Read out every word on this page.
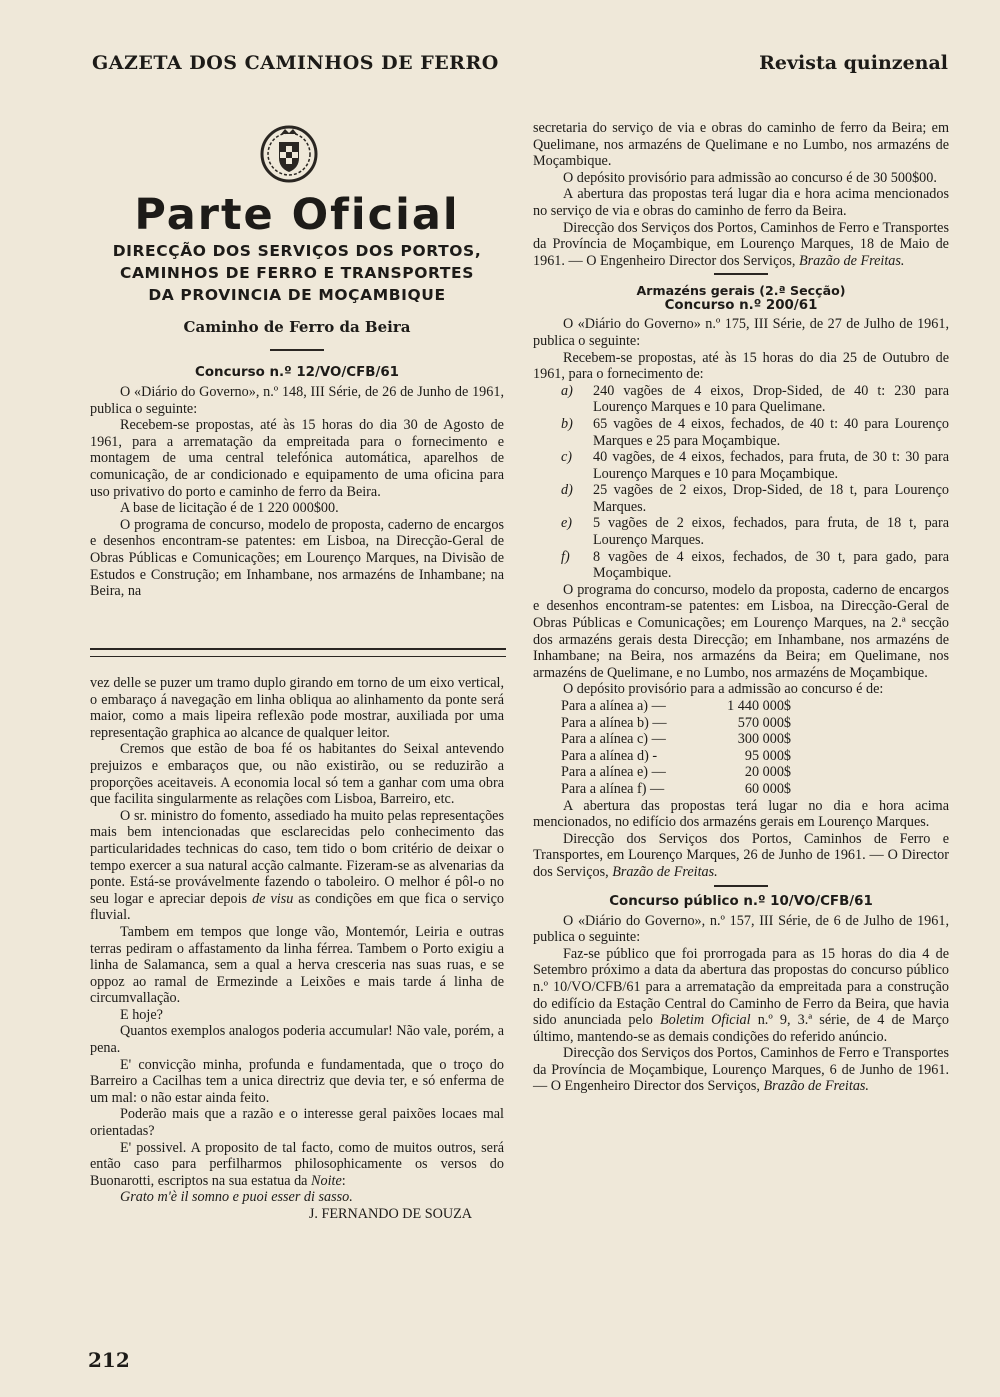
GAZETA DOS CAMINHOS DE FERRO	Revista quinzenal
Parte Oficial
DIRECÇÃO DOS SERVIÇOS DOS PORTOS,
CAMINHOS DE FERRO E TRANSPORTES
DA PROVINCIA DE MOÇAMBIQUE
Caminho de Ferro da Beira
Concurso n.º 12/VO/CFB/61

O «Diário do Governo», n.º 148, III Série, de 26 de Junho de 1961, publica o seguinte:

Recebem-se propostas, até às 15 horas do dia 30 de Agosto de 1961, para a arrematação da empreitada para o fornecimento e montagem de uma central telefónica automática, aparelhos de comunicação, de ar condicionado e equipamento de uma oficina para uso privativo do porto e caminho de ferro da Beira.

A base de licitação é de 1 220 000$00.

O programa de concurso, modelo de proposta, caderno de encargos e desenhos encontram-se patentes: em Lisboa, na Direcção-Geral de Obras Públicas e Comunicações; em Lourenço Marques, na Divisão de Estudos e Construção; em Inhambane, nos armazéns de Inhambane; na Beira, na

vez delle se puzer um tramo duplo girando em torno de um eixo vertical, o embaraço á navegação em linha obliqua ao alinhamento da ponte será maior, como a mais lipeira reflexão pode mostrar, auxiliada por uma representação graphica ao alcance de qualquer leitor.

Cremos que estão de boa fé os habitantes do Seixal antevendo prejuizos e embaraços que, ou não existirão, ou se reduzirão a proporções aceitaveis. A economia local só tem a ganhar com uma obra que facilita singularmente as relações com Lisboa, Barreiro, etc.

O sr. ministro do fomento, assediado ha muito pelas representações mais bem intencionadas que esclarecidas pelo conhecimento das particularidades technicas do caso, tem tido o bom critério de deixar o tempo exercer a sua natural acção calmante. Fizeram-se as alvenarias da ponte. Está-se provávelmente fazendo o taboleiro. O melhor é pôl-o no seu logar e apreciar depois de visu as condições em que fica o serviço fluvial.

Tambem em tempos que longe vão, Montemór, Leiria e outras terras pediram o affastamento da linha férrea. Tambem o Porto exigiu a linha de Salamanca, sem a qual a herva cresceria nas suas ruas, e se oppoz ao ramal de Ermezinde a Leixões e mais tarde á linha de circumvallação.

E hoje?

Quantos exemplos analogos poderia accumular! Não vale, porém, a pena.

E' convicção minha, profunda e fundamentada, que o troço do Barreiro a Cacilhas tem a unica directriz que devia ter, e só enferma de um mal: o não estar ainda feito.

Poderão mais que a razão e o interesse geral paixões locaes mal orientadas?

E' possivel. A proposito de tal facto, como de muitos outros, será então caso para perfilharmos philosophicamente os versos do Buonarotti, escriptos na sua estatua da Noite:

Grato m'è il somno e puoi esser di sasso.

J. FERNANDO DE SOUZA

secretaria do serviço de via e obras do caminho de ferro da Beira; em Quelimane, nos armazéns de Quelimane e no Lumbo, nos armazéns de Moçambique.

O depósito provisório para admissão ao concurso é de 30 500$00.

A abertura das propostas terá lugar dia e hora acima mencionados no serviço de via e obras do caminho de ferro da Beira.

Direcção dos Serviços dos Portos, Caminhos de Ferro e Transportes da Província de Moçambique, em Lourenço Marques, 18 de Maio de 1961. — O Engenheiro Director dos Serviços, Brazão de Freitas.

Armazéns gerais (2.ª Secção)
Concurso n.º 200/61

O «Diário do Governo» n.º 175, III Série, de 27 de Julho de 1961, publica o seguinte:

Recebem-se propostas, até às 15 horas do dia 25 de Outubro de 1961, para o fornecimento de:

a) 240 vagões de 4 eixos, Drop-Sided, de 40 t: 230 para Lourenço Marques e 10 para Quelimane.

b) 65 vagões de 4 eixos, fechados, de 40 t: 40 para Lourenço Marques e 25 para Moçambique.

c) 40 vagões, de 4 eixos, fechados, para fruta, de 30 t: 30 para Lourenço Marques e 10 para Moçambique.

d) 25 vagões de 2 eixos, Drop-Sided, de 18 t, para Lourenço Marques.

e) 5 vagões de 2 eixos, fechados, para fruta, de 18 t, para Lourenço Marques.

f) 8 vagões de 4 eixos, fechados, de 30 t, para gado, para Moçambique.

O programa do concurso, modelo da proposta, caderno de encargos e desenhos encontram-se patentes: em Lisboa, na Direcção-Geral de Obras Públicas e Comunicações; em Lourenço Marques, na 2.ª secção dos armazéns gerais desta Direcção; em Inhambane, nos armazéns de Inhambane; na Beira, nos armazéns da Beira; em Quelimane, nos armazéns de Quelimane, e no Lumbo, nos armazéns de Moçambique.

O depósito provisório para a admissão ao concurso é de:

Para a alínea a) —	1 440 000$
Para a alínea b) —	570 000$
Para a alínea c) —	300 000$
Para a alínea d) -	95 000$
Para a alínea e) —	20 000$
Para a alínea f) —	60 000$

A abertura das propostas terá lugar no dia e hora acima mencionados, no edifício dos armazéns gerais em Lourenço Marques.

Direcção dos Serviços dos Portos, Caminhos de Ferro e Transportes, em Lourenço Marques, 26 de Junho de 1961. — O Director dos Serviços, Brazão de Freitas.

Concurso público n.º 10/VO/CFB/61

O «Diário do Governo», n.º 157, III Série, de 6 de Julho de 1961, publica o seguinte:

Faz-se público que foi prorrogada para as 15 horas do dia 4 de Setembro próximo a data da abertura das propostas do concurso público n.º 10/VO/CFB/61 para a arrematação da empreitada para a construção do edifício da Estação Central do Caminho de Ferro da Beira, que havia sido anunciada pelo Boletim Oficial n.º 9, 3.ª série, de 4 de Março último, mantendo-se as demais condições do referido anúncio.

Direcção dos Serviços dos Portos, Caminhos de Ferro e Transportes da Província de Moçambique, Lourenço Marques, 6 de Junho de 1961. — O Engenheiro Director dos Serviços, Brazão de Freitas.

212
